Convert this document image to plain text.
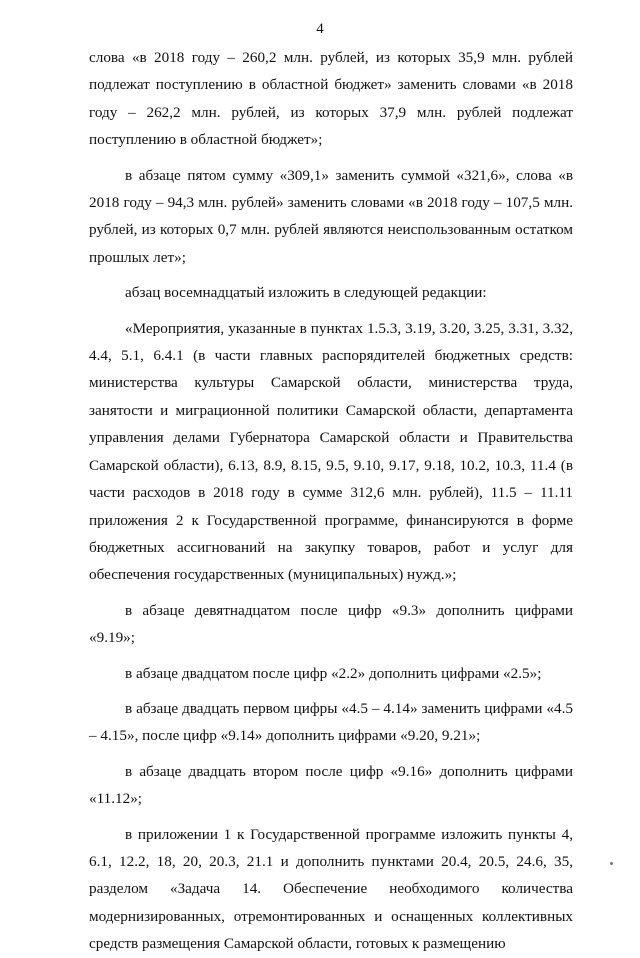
4

слова «в 2018 году – 260,2 млн. рублей, из которых 35,9 млн. рублей подлежат поступлению в областной бюджет» заменить словами «в 2018 году – 262,2 млн. рублей, из которых 37,9 млн. рублей подлежат поступлению в областной бюджет»;

в абзаце пятом сумму «309,1» заменить суммой «321,6», слова «в 2018 году – 94,3 млн. рублей» заменить словами «в 2018 году – 107,5 млн. рублей, из которых 0,7 млн. рублей являются неиспользованным остатком прошлых лет»;

абзац восемнадцатый изложить в следующей редакции:

«Мероприятия, указанные в пунктах 1.5.3, 3.19, 3.20, 3.25, 3.31, 3.32, 4.4, 5.1, 6.4.1 (в части главных распорядителей бюджетных средств: министерства культуры Самарской области, министерства труда, занятости и миграционной политики Самарской области, департамента управления делами Губернатора Самарской области и Правительства Самарской области), 6.13, 8.9, 8.15, 9.5, 9.10, 9.17, 9.18, 10.2, 10.3, 11.4 (в части расходов в 2018 году в сумме 312,6 млн. рублей), 11.5 – 11.11 приложения 2 к Государственной программе, финансируются в форме бюджетных ассигнований на закупку товаров, работ и услуг для обеспечения государственных (муниципальных) нужд.»;

в абзаце девятнадцатом после цифр «9.3» дополнить цифрами «9.19»;

в абзаце двадцатом после цифр «2.2» дополнить цифрами «2.5»;

в абзаце двадцать первом цифры «4.5 – 4.14» заменить цифрами «4.5 – 4.15», после цифр «9.14» дополнить цифрами «9.20, 9.21»;

в абзаце двадцать втором после цифр «9.16» дополнить цифрами «11.12»;

в приложении 1 к Государственной программе изложить пункты 4, 6.1, 12.2, 18, 20, 20.3, 21.1 и дополнить пунктами 20.4, 20.5, 24.6, 35, разделом «Задача 14. Обеспечение необходимого количества модернизированных, отремонтированных и оснащенных коллективных средств размещения Самарской области, готовых к размещению
